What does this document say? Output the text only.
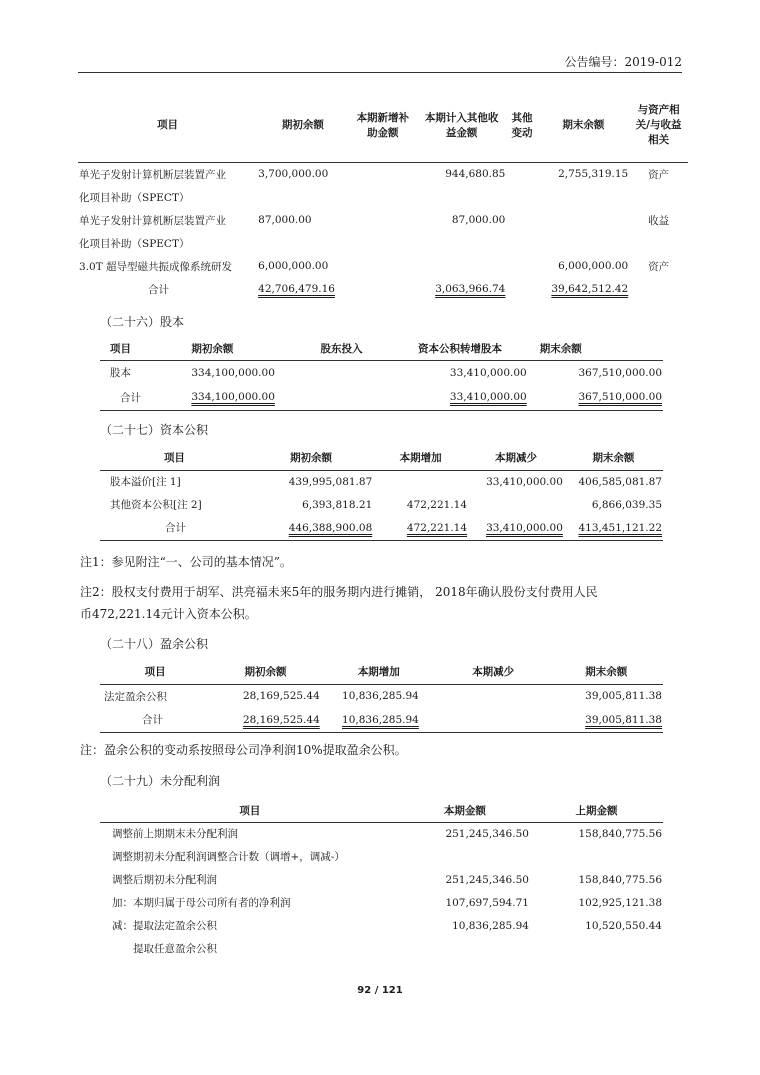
公告编号：2019-012
项目	期初余额	本期新增补助金额	本期计入其他收益金额	其他变动	期末余额	与资产相关/与收益相关
单光子发射计算机断层装置产业	3,700,000.00		944,680.85		2,755,319.15	资产
化项目补助（SPECT）						
单光子发射计算机断层装置产业	87,000.00		87,000.00			收益
化项目补助（SPECT）						
3.0T 超导型磁共振成像系统研发	6,000,000.00				6,000,000.00	资产
合计	42,706,479.16		3,063,966.74		39,642,512.42	
（二十六）股本
项目	期初余额	股东投入	资本公积转增股本	期末余额
股本	334,100,000.00		33,410,000.00	367,510,000.00
合计	334,100,000.00		33,410,000.00	367,510,000.00
（二十七）资本公积
项目	期初余额	本期增加	本期减少	期末余额
股本溢价[注 1]	439,995,081.87		33,410,000.00	406,585,081.87
其他资本公积[注 2]	6,393,818.21	472,221.14		6,866,039.35
合计	446,388,900.08	472,221.14	33,410,000.00	413,451,121.22
注1：参见附注“一、公司的基本情况”。
注2：股权支付费用于胡军、洪亮福未来5年的服务期内进行摊销， 2018年确认股份支付费用人民
币472,221.14元计入资本公积。
（二十八）盈余公积
项目	期初余额	本期增加	本期减少	期末余额
法定盈余公积	28,169,525.44	10,836,285.94		39,005,811.38
合计	28,169,525.44	10,836,285.94		39,005,811.38
注：盈余公积的变动系按照母公司净利润10%提取盈余公积。
（二十九）未分配利润
项目	本期金额	上期金额
调整前上期期末未分配利润	251,245,346.50	158,840,775.56
调整期初未分配利润调整合计数（调增+，调减-）		
调整后期初未分配利润	251,245,346.50	158,840,775.56
加：本期归属于母公司所有者的净利润	107,697,594.71	102,925,121.38
减：提取法定盈余公积	10,836,285.94	10,520,550.44
　　提取任意盈余公积		
92 / 121
